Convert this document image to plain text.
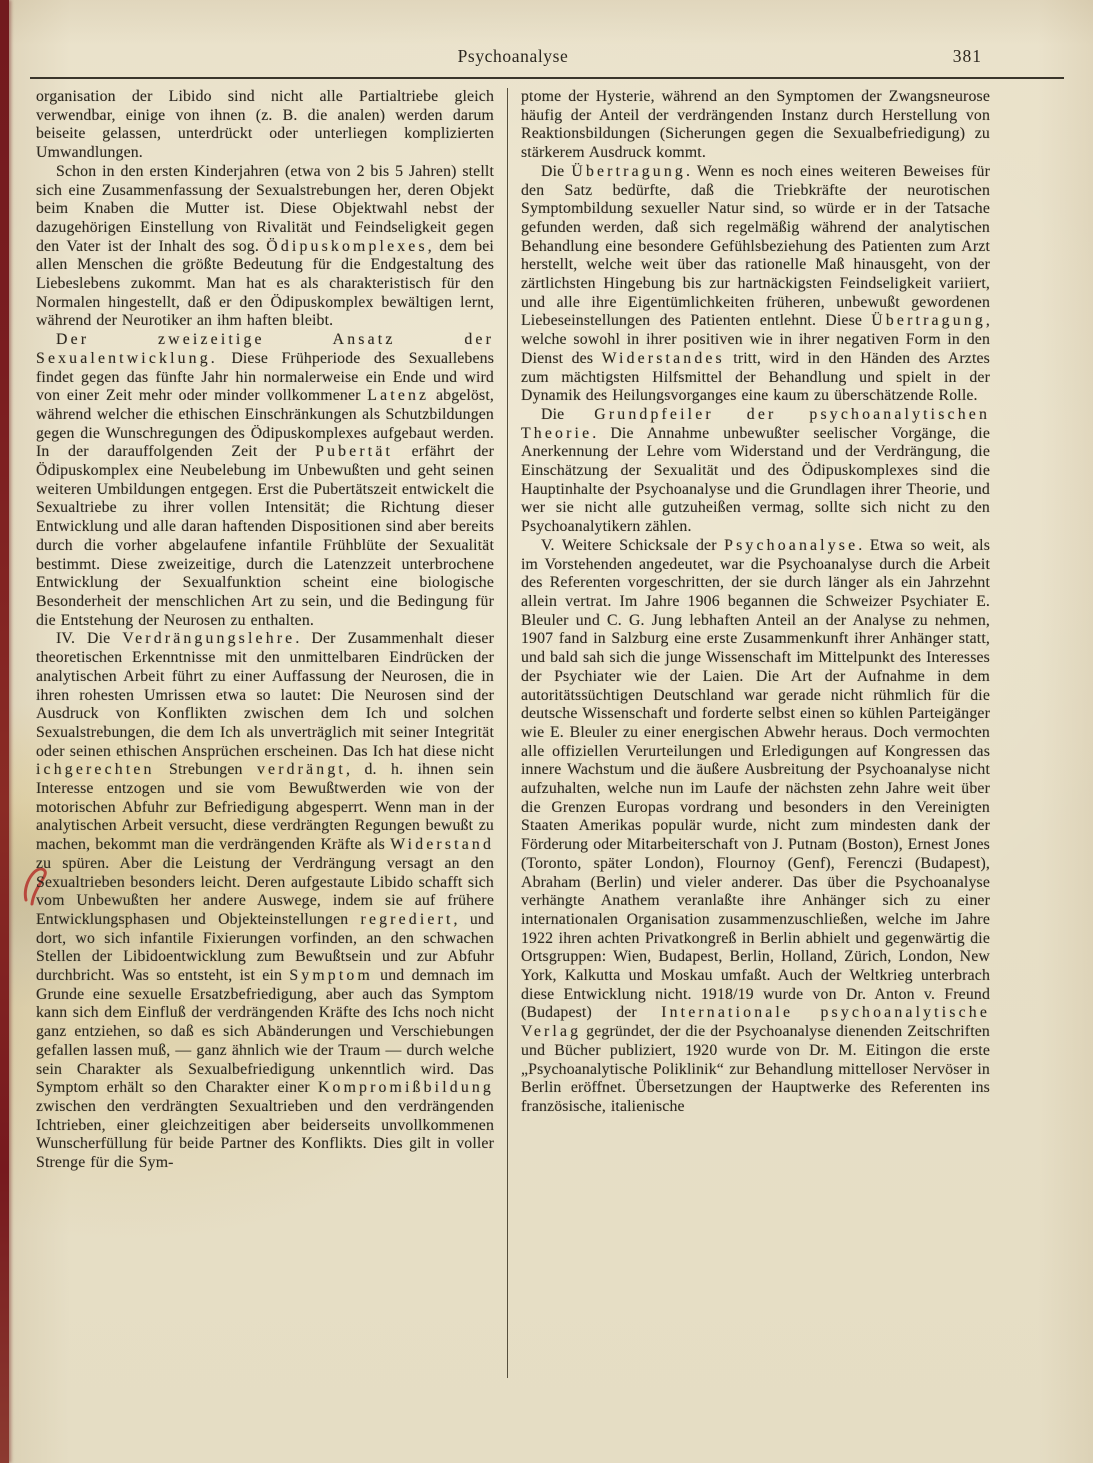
Psychoanalyse	381

organisation der Libido sind nicht alle Partialtriebe gleich verwendbar, einige von ihnen (z. B. die analen) werden darum beiseite gelassen, unterdrückt oder unterliegen komplizierten Umwandlungen.

Schon in den ersten Kinderjahren (etwa von 2 bis 5 Jahren) stellt sich eine Zusammenfassung der Sexualstrebungen her, deren Objekt beim Knaben die Mutter ist. Diese Objektwahl nebst der dazugehörigen Einstellung von Rivalität und Feindseligkeit gegen den Vater ist der Inhalt des sog. Ödipuskomplexes, dem bei allen Menschen die größte Bedeutung für die Endgestaltung des Liebeslebens zukommt. Man hat es als charakteristisch für den Normalen hingestellt, daß er den Ödipuskomplex bewältigen lernt, während der Neurotiker an ihm haften bleibt.

Der zweizeitige Ansatz der Sexualentwicklung. Diese Frühperiode des Sexuallebens findet gegen das fünfte Jahr hin normalerweise ein Ende und wird von einer Zeit mehr oder minder vollkommener Latenz abgelöst, während welcher die ethischen Einschränkungen als Schutzbildungen gegen die Wunschregungen des Ödipuskomplexes aufgebaut werden. In der darauffolgenden Zeit der Pubertät erfährt der Ödipuskomplex eine Neubelebung im Unbewußten und geht seinen weiteren Umbildungen entgegen. Erst die Pubertätszeit entwickelt die Sexualtriebe zu ihrer vollen Intensität; die Richtung dieser Entwicklung und alle daran haftenden Dispositionen sind aber bereits durch die vorher abgelaufene infantile Frühblüte der Sexualität bestimmt. Diese zweizeitige, durch die Latenzzeit unterbrochene Entwicklung der Sexualfunktion scheint eine biologische Besonderheit der menschlichen Art zu sein, und die Bedingung für die Entstehung der Neurosen zu enthalten.

IV. Die Verdrängungslehre. Der Zusammenhalt dieser theoretischen Erkenntnisse mit den unmittelbaren Eindrücken der analytischen Arbeit führt zu einer Auffassung der Neurosen, die in ihren rohesten Umrissen etwa so lautet: Die Neurosen sind der Ausdruck von Konflikten zwischen dem Ich und solchen Sexualstrebungen, die dem Ich als unverträglich mit seiner Integrität oder seinen ethischen Ansprüchen erscheinen. Das Ich hat diese nicht ichgerechten Strebungen verdrängt, d. h. ihnen sein Interesse entzogen und sie vom Bewußtwerden wie von der motorischen Abfuhr zur Befriedigung abgesperrt. Wenn man in der analytischen Arbeit versucht, diese verdrängten Regungen bewußt zu machen, bekommt man die verdrängenden Kräfte als Widerstand zu spüren. Aber die Leistung der Verdrängung versagt an den Sexualtrieben besonders leicht. Deren aufgestaute Libido schafft sich vom Unbewußten her andere Auswege, indem sie auf frühere Entwicklungsphasen und Objekteinstellungen regrediert, und dort, wo sich infantile Fixierungen vorfinden, an den schwachen Stellen der Libidoentwicklung zum Bewußtsein und zur Abfuhr durchbricht. Was so entsteht, ist ein Symptom und demnach im Grunde eine sexuelle Ersatzbefriedigung, aber auch das Symptom kann sich dem Einfluß der verdrängenden Kräfte des Ichs noch nicht ganz entziehen, so daß es sich Abänderungen und Verschiebungen gefallen lassen muß, — ganz ähnlich wie der Traum — durch welche sein Charakter als Sexualbefriedigung unkenntlich wird. Das Symptom erhält so den Charakter einer Kompromißbildung zwischen den verdrängten Sexualtrieben und den verdrängenden Ichtrieben, einer gleichzeitigen aber beiderseits unvollkommenen Wunscherfüllung für beide Partner des Konflikts. Dies gilt in voller Strenge für die Sym-

ptome der Hysterie, während an den Symptomen der Zwangsneurose häufig der Anteil der verdrängenden Instanz durch Herstellung von Reaktionsbildungen (Sicherungen gegen die Sexualbefriedigung) zu stärkerem Ausdruck kommt.

Die Übertragung. Wenn es noch eines weiteren Beweises für den Satz bedürfte, daß die Triebkräfte der neurotischen Symptombildung sexueller Natur sind, so würde er in der Tatsache gefunden werden, daß sich regelmäßig während der analytischen Behandlung eine besondere Gefühlsbeziehung des Patienten zum Arzt herstellt, welche weit über das rationelle Maß hinausgeht, von der zärtlichsten Hingebung bis zur hartnäckigsten Feindseligkeit variiert, und alle ihre Eigentümlichkeiten früheren, unbewußt gewordenen Liebeseinstellungen des Patienten entlehnt. Diese Übertragung, welche sowohl in ihrer positiven wie in ihrer negativen Form in den Dienst des Widerstandes tritt, wird in den Händen des Arztes zum mächtigsten Hilfsmittel der Behandlung und spielt in der Dynamik des Heilungsvorganges eine kaum zu überschätzende Rolle.

Die Grundpfeiler der psychoanalytischen Theorie. Die Annahme unbewußter seelischer Vorgänge, die Anerkennung der Lehre vom Widerstand und der Verdrängung, die Einschätzung der Sexualität und des Ödipuskomplexes sind die Hauptinhalte der Psychoanalyse und die Grundlagen ihrer Theorie, und wer sie nicht alle gutzuheißen vermag, sollte sich nicht zu den Psychoanalytikern zählen.

V. Weitere Schicksale der Psychoanalyse. Etwa so weit, als im Vorstehenden angedeutet, war die Psychoanalyse durch die Arbeit des Referenten vorgeschritten, der sie durch länger als ein Jahrzehnt allein vertrat. Im Jahre 1906 begannen die Schweizer Psychiater E. Bleuler und C. G. Jung lebhaften Anteil an der Analyse zu nehmen, 1907 fand in Salzburg eine erste Zusammenkunft ihrer Anhänger statt, und bald sah sich die junge Wissenschaft im Mittelpunkt des Interesses der Psychiater wie der Laien. Die Art der Aufnahme in dem autoritätssüchtigen Deutschland war gerade nicht rühmlich für die deutsche Wissenschaft und forderte selbst einen so kühlen Parteigänger wie E. Bleuler zu einer energischen Abwehr heraus. Doch vermochten alle offiziellen Verurteilungen und Erledigungen auf Kongressen das innere Wachstum und die äußere Ausbreitung der Psychoanalyse nicht aufzuhalten, welche nun im Laufe der nächsten zehn Jahre weit über die Grenzen Europas vordrang und besonders in den Vereinigten Staaten Amerikas populär wurde, nicht zum mindesten dank der Förderung oder Mitarbeiterschaft von J. Putnam (Boston), Ernest Jones (Toronto, später London), Flournoy (Genf), Ferenczi (Budapest), Abraham (Berlin) und vieler anderer. Das über die Psychoanalyse verhängte Anathem veranlaßte ihre Anhänger sich zu einer internationalen Organisation zusammenzuschließen, welche im Jahre 1922 ihren achten Privatkongreß in Berlin abhielt und gegenwärtig die Ortsgruppen: Wien, Budapest, Berlin, Holland, Zürich, London, New York, Kalkutta und Moskau umfaßt. Auch der Weltkrieg unterbrach diese Entwicklung nicht. 1918/19 wurde von Dr. Anton v. Freund (Budapest) der Internationale psychoanalytische Verlag gegründet, der die der Psychoanalyse dienenden Zeitschriften und Bücher publiziert, 1920 wurde von Dr. M. Eitingon die erste „Psychoanalytische Poliklinik“ zur Behandlung mittelloser Nervöser in Berlin eröffnet. Übersetzungen der Hauptwerke des Referenten ins französische, italienische
